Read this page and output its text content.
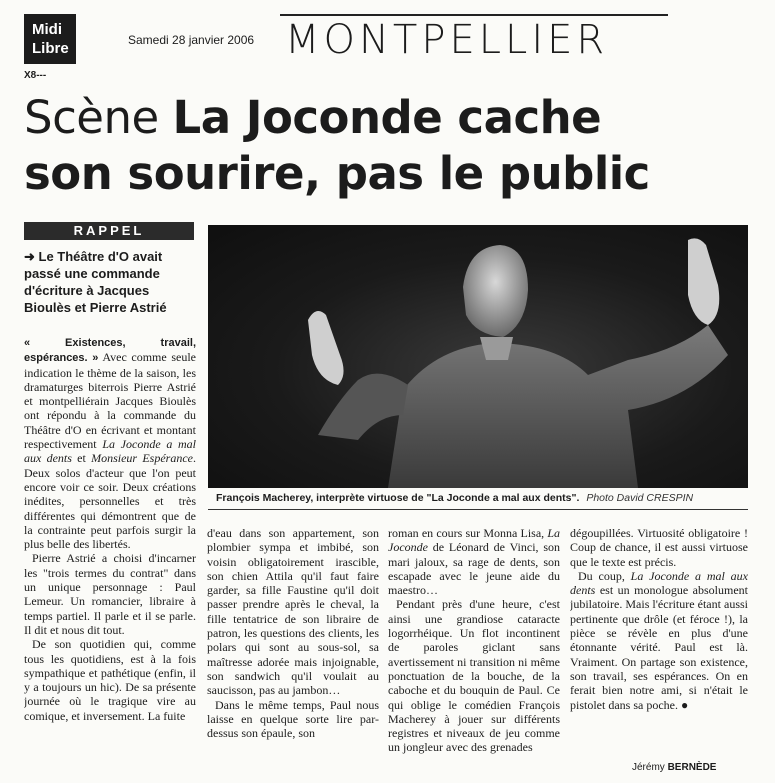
Midi
Libre	Samedi 28 janvier 2006 MONTPELLIER
X8---
Scène La Joconde cache
son sourire, pas le public
RAPPEL
➜ Le Théâtre d'O avait passé une commande d'écriture à Jacques Bioulès et Pierre Astrié

« Existences, travail, espérances. » Avec comme seule indication le thème de la saison, les dramaturges biterrois Pierre Astrié et montpelliérain Jacques Bioulès ont répondu à la commande du Théâtre d'O en écrivant et montant respectivement La Joconde a mal aux dents et Monsieur Espérance. Deux solos d'acteur que l'on peut encore voir ce soir. Deux créations inédites, personnelles et très différentes qui démontrent que de la contrainte peut parfois surgir la plus belle des libertés.

Pierre Astrié a choisi d'incarner les "trois termes du contrat" dans un unique personnage : Paul Lemeur. Un romancier, libraire à temps partiel. Il parle et il se parle. Il dit et nous dit tout.

De son quotidien qui, comme tous les quotidiens, est à la fois sympathique et pathétique (enfin, il y a toujours un hic). De sa présente journée où le tragique vire au comique, et inversement. La fuite

François Macherey, interprète virtuose de "La Joconde a mal aux dents". Photo David CRESPIN

d'eau dans son appartement, son plombier sympa et imbibé, son voisin obligatoirement irascible, son chien Attila qu'il faut faire garder, sa fille Faustine qu'il doit passer prendre après le cheval, la fille tentatrice de son libraire de patron, les questions des clients, les polars qui sont au sous-sol, sa maîtresse adorée mais injoignable, son sandwich qu'il voulait au saucisson, pas au jambon…

Dans le même temps, Paul nous laisse en quelque sorte lire par-dessus son épaule, son

roman en cours sur Monna Lisa, La Joconde de Léonard de Vinci, son mari jaloux, sa rage de dents, son escapade avec le jeune aide du maestro…

Pendant près d'une heure, c'est ainsi une grandiose cataracte logorrhéique. Un flot incontinent de paroles giclant sans avertissement ni transition ni même ponctuation de la bouche, de la caboche et du bouquin de Paul. Ce qui oblige le comédien François Macherey à jouer sur différents registres et niveaux de jeu comme un jongleur avec des grenades

dégoupillées. Virtuosité obligatoire ! Coup de chance, il est aussi virtuose que le texte est précis.

Du coup, La Joconde a mal aux dents est un monologue absolument jubilatoire. Mais l'écriture étant aussi pertinente que drôle (et féroce !), la pièce se révèle en plus d'une étonnante vérité. Paul est là. Vraiment. On partage son existence, son travail, ses espérances. On en ferait bien notre ami, si n'était le pistolet dans sa poche. ●

Jérémy BERNÈDE
